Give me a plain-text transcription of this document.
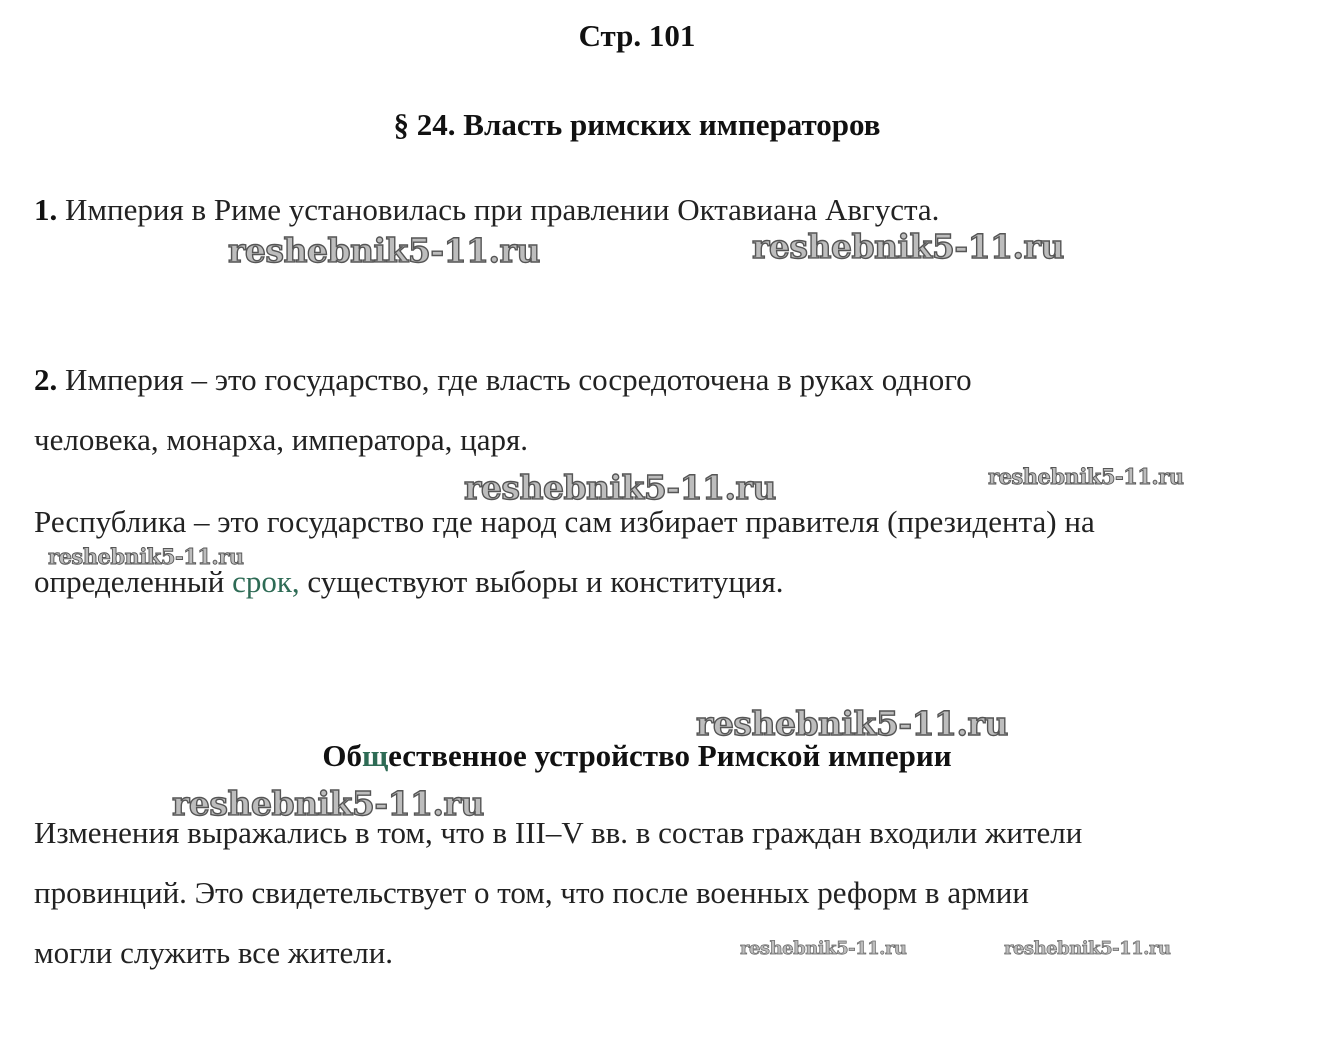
Стр. 101
§ 24. Власть римских императоров
1. Империя в Риме установилась при правлении Октавиана Августа.
2. Империя – это государство, где власть сосредоточена в руках одного
человека, монарха, императора, царя.
Республика – это государство где народ сам избирает правителя (президента) на
определенный срок, существуют выборы и конституция.
Общественное устройство Римской империи
Изменения выражались в том, что в III–V вв. в состав граждан входили жители
провинций. Это свидетельствует о том, что после военных реформ в армии
могли служить все жители.
reshebnik5-11.ru	reshebnik5-11.ru
reshebnik5-11.ru	reshebnik5-11.ru
reshebnik5-11.ru
reshebnik5-11.ru
reshebnik5-11.ru
reshebnik5-11.ru	reshebnik5-11.ru
